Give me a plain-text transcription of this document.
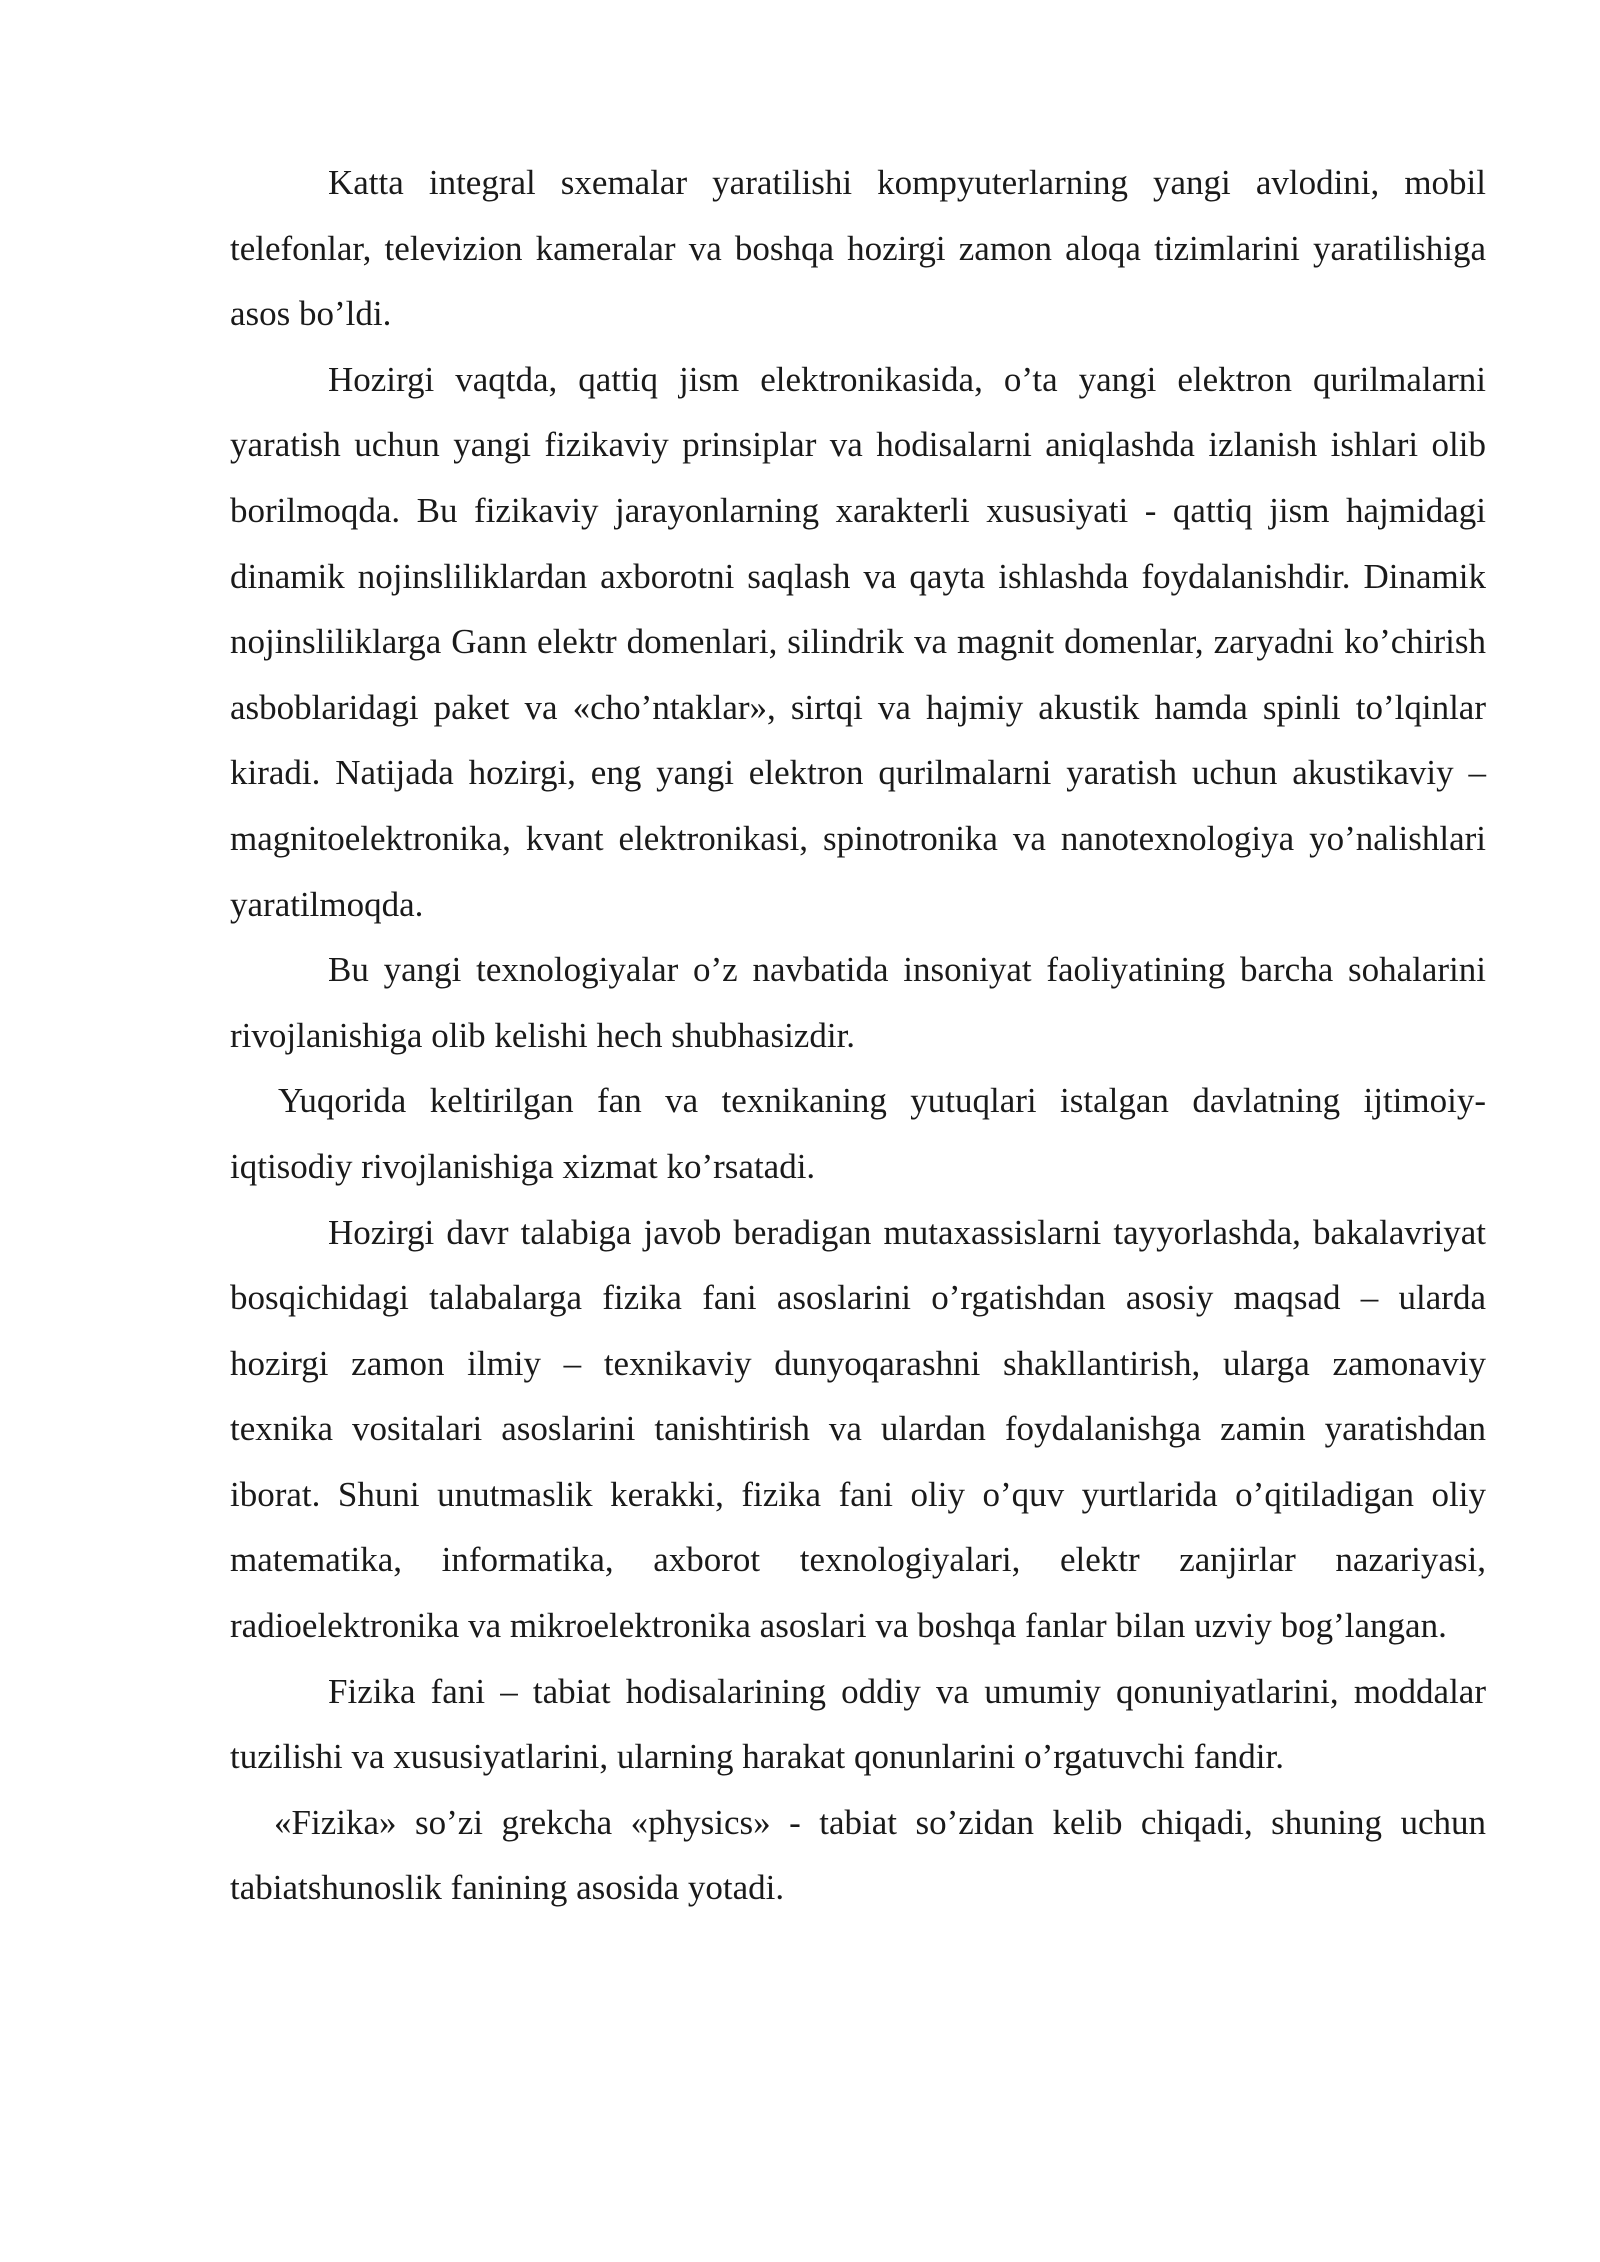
Katta integral sxemalar yaratilishi kompyuterlarning yangi avlodini, mobil telefonlar, televizion kameralar va boshqa hozirgi zamon aloqa tizimlarini yaratilishiga asos bo’ldi.

Hozirgi vaqtda, qattiq jism elektronikasida, o’ta yangi elektron qurilmalarni yaratish uchun yangi fizikaviy prinsiplar va hodisalarni aniqlashda izlanish ishlari olib borilmoqda. Bu fizikaviy jarayonlarning xarakterli xususiyati - qattiq jism hajmidagi dinamik nojinsliliklardan axborotni saqlash va qayta ishlashda foydalanishdir. Dinamik nojinsliliklarga Gann elektr domenlari, silindrik va magnit domenlar, zaryadni ko’chirish asboblaridagi paket va «cho’ntaklar», sirtqi va hajmiy akustik hamda spinli to’lqinlar kiradi. Natijada hozirgi, eng yangi elektron qurilmalarni yaratish uchun akustikaviy – magnitoelektronika, kvant elektronikasi, spinotronika va nanotexnologiya yo’nalishlari yaratilmoqda.

Bu yangi texnologiyalar o’z navbatida insoniyat faoliyatining barcha sohalarini rivojlanishiga olib kelishi hech shubhasizdir.

Yuqorida keltirilgan fan va texnikaning yutuqlari istalgan davlatning ijtimoiy-iqtisodiy rivojlanishiga xizmat ko’rsatadi.

Hozirgi davr talabiga javob beradigan mutaxassislarni tayyorlashda, bakalavriyat bosqichidagi talabalarga fizika fani asoslarini o’rgatishdan asosiy maqsad – ularda hozirgi zamon ilmiy – texnikaviy dunyoqarashni shakllantirish, ularga zamonaviy texnika vositalari asoslarini tanishtirish va ulardan foydalanishga zamin yaratishdan iborat. Shuni unutmaslik kerakki, fizika fani oliy o’quv yurtlarida o’qitiladigan oliy matematika, informatika, axborot texnologiyalari, elektr zanjirlar nazariyasi, radioelektronika va mikroelektronika asoslari va boshqa fanlar bilan uzviy bog’langan.

Fizika fani – tabiat hodisalarining oddiy va umumiy qonuniyatlarini, moddalar tuzilishi va xususiyatlarini, ularning harakat qonunlarini o’rgatuvchi fandir.

«Fizika» so’zi grekcha «physics» - tabiat so’zidan kelib chiqadi, shuning uchun tabiatshunoslik fanining asosida yotadi.
